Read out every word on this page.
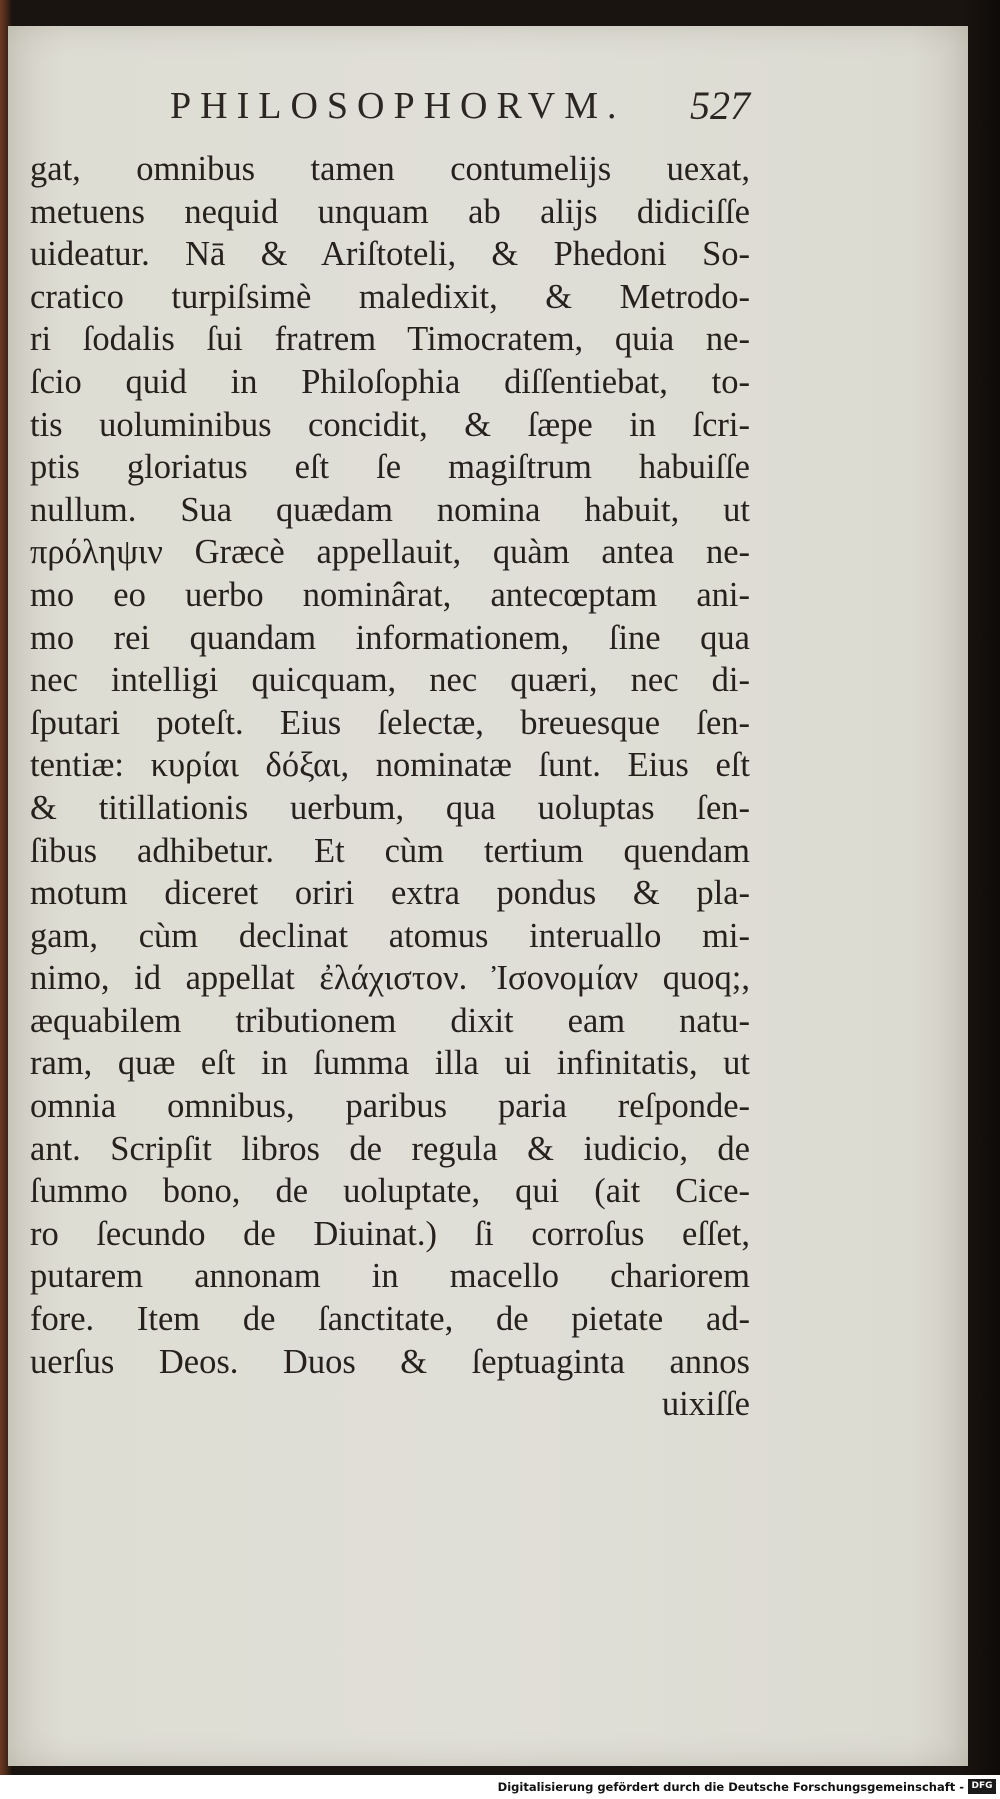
PHILOSOPHORVM. 527
gat, omnibus tamen contumelijs uexat,
metuens nequid unquam ab alijs didiciſſe
uideatur. Nā & Ariſtoteli, & Phedoni So-
cratico turpiſsimè maledixit, & Metrodo-
ri ſodalis ſui fratrem Timocratem, quia ne-
ſcio quid in Philoſophia diſſentiebat, to-
tis uoluminibus concidit, & ſæpe in ſcri-
ptis gloriatus eſt ſe magiſtrum habuiſſe
nullum. Sua quædam nomina habuit, ut
πρόληψιν Græcè appellauit, quàm antea ne-
mo eo uerbo nominârat, antecœptam ani-
mo rei quandam informationem, ſine qua
nec intelligi quicquam, nec quæri, nec di-
ſputari poteſt. Eius ſelectæ, breuesque ſen-
tentiæ: κυρίαι δόξαι, nominatæ ſunt. Eius eſt
& titillationis uerbum, qua uoluptas ſen-
ſibus adhibetur. Et cùm tertium quendam
motum diceret oriri extra pondus & pla-
gam, cùm declinat atomus interuallo mi-
nimo, id appellat ἐλάχιστον. Ἰσονομίαν quoq;,
æquabilem tributionem dixit eam natu-
ram, quæ eſt in ſumma illa ui infinitatis, ut
omnia omnibus, paribus paria reſponde-
ant. Scripſit libros de regula & iudicio, de
ſummo bono, de uoluptate, qui (ait Cice-
ro ſecundo de Diuinat.) ſi corroſus eſſet,
putarem annonam in macello chariorem
fore. Item de ſanctitate, de pietate ad-
uerſus Deos. Duos & ſeptuaginta annos
uixiſſe
Digitalisierung gefördert durch die Deutsche Forschungsgemeinschaft - DFG
